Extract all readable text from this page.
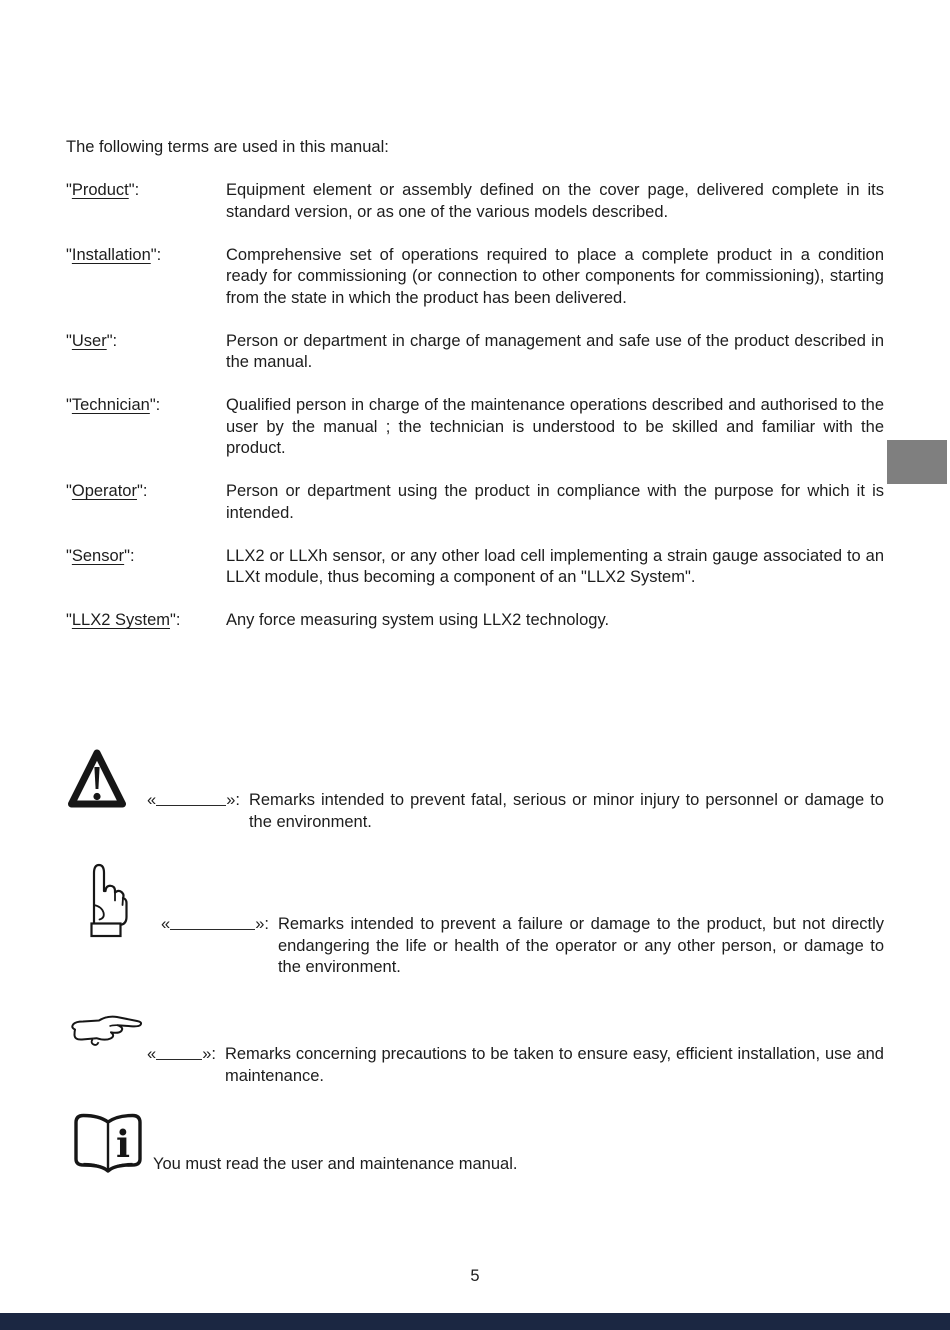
The following terms are used in this manual:

"Product":	Equipment element or assembly defined on the cover page, delivered complete in its standard version, or as one of the various models described.
"Installation":	Comprehensive set of operations required to place a complete product in a condition ready for commissioning (or connection to other components for commissioning), starting from the state in which the product has been delivered.
"User":	Person or department in charge of management and safe use of the product described in the manual.
"Technician":	Qualified person in charge of the maintenance operations described and authorised to the user by the manual ; the technician is understood to be skilled and familiar with the product.
"Operator":	Person or department using the product in compliance with the purpose for which it is intended.
"Sensor":	LLX2 or LLXh sensor, or any other load cell implementing a strain gauge associated to an LLXt module, thus becoming a component of an "LLX2 System".
"LLX2 System":	Any force measuring system using LLX2 technology.
«	»: Remarks intended to prevent fatal, serious or minor injury to personnel or damage to the environment.

«	»: Remarks intended to prevent a failure or damage to the product, but not directly endangering the life or health of the operator or any other person, or damage to the environment.

«	»: Remarks concerning precautions to be taken to ensure easy, efficient installation, use and maintenance.

i You must read the user and maintenance manual.

5
